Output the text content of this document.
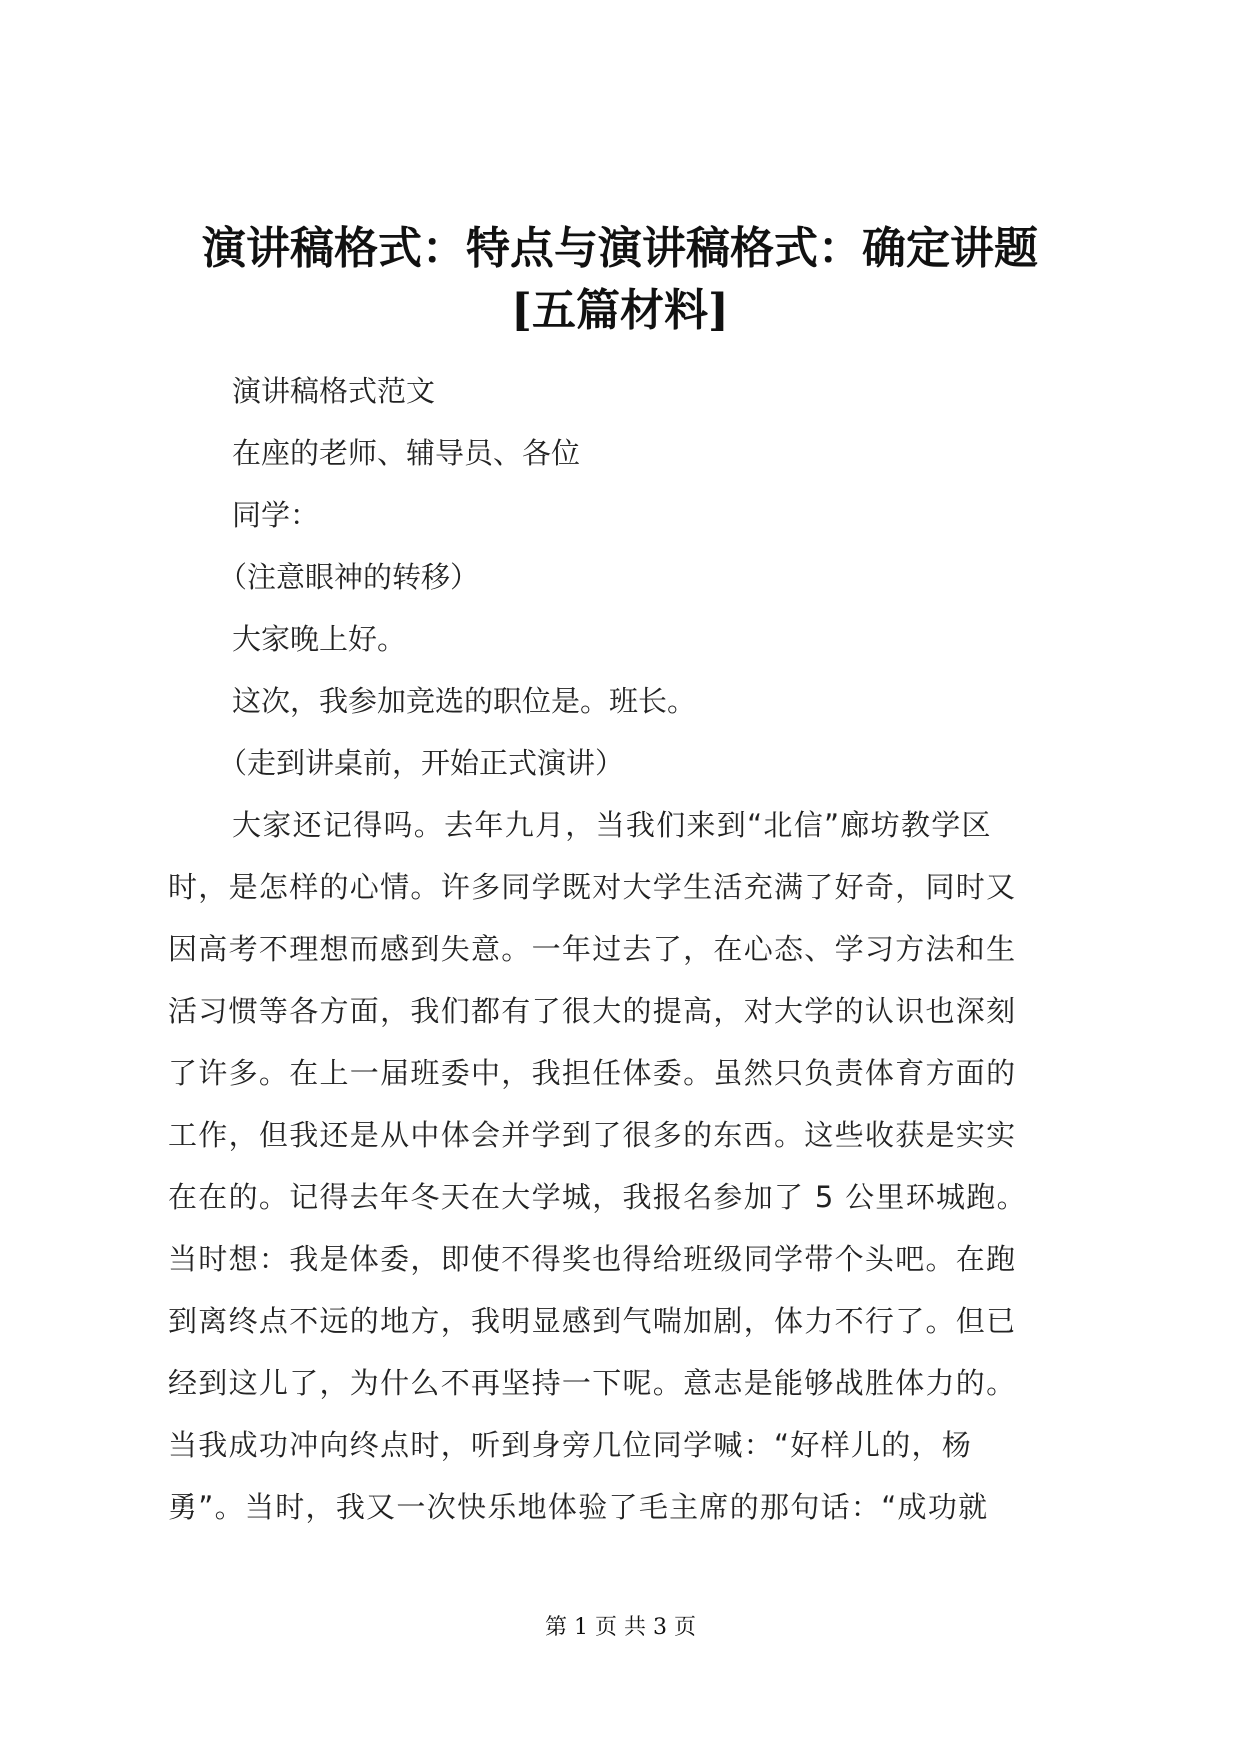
演讲稿格式：特点与演讲稿格式：确定讲题
[五篇材料]

演讲稿格式范文

在座的老师、辅导员、各位

同学：

（注意眼神的转移）

大家晚上好。

这次，我参加竞选的职位是。班长。

（走到讲桌前，开始正式演讲）

大家还记得吗。去年九月，当我们来到“北信”廊坊教学区
时，是怎样的心情。许多同学既对大学生活充满了好奇，同时又
因高考不理想而感到失意。一年过去了，在心态、学习方法和生
活习惯等各方面，我们都有了很大的提高，对大学的认识也深刻
了许多。在上一届班委中，我担任体委。虽然只负责体育方面的
工作，但我还是从中体会并学到了很多的东西。这些收获是实实
在在的。记得去年冬天在大学城，我报名参加了 5 公里环城跑。
当时想：我是体委，即使不得奖也得给班级同学带个头吧。在跑
到离终点不远的地方，我明显感到气喘加剧，体力不行了。但已
经到这儿了，为什么不再坚持一下呢。意志是能够战胜体力的。
当我成功冲向终点时，听到身旁几位同学喊：“好样儿的，杨
勇”。当时，我又一次快乐地体验了毛主席的那句话：“成功就
第 1 页 共 3 页
